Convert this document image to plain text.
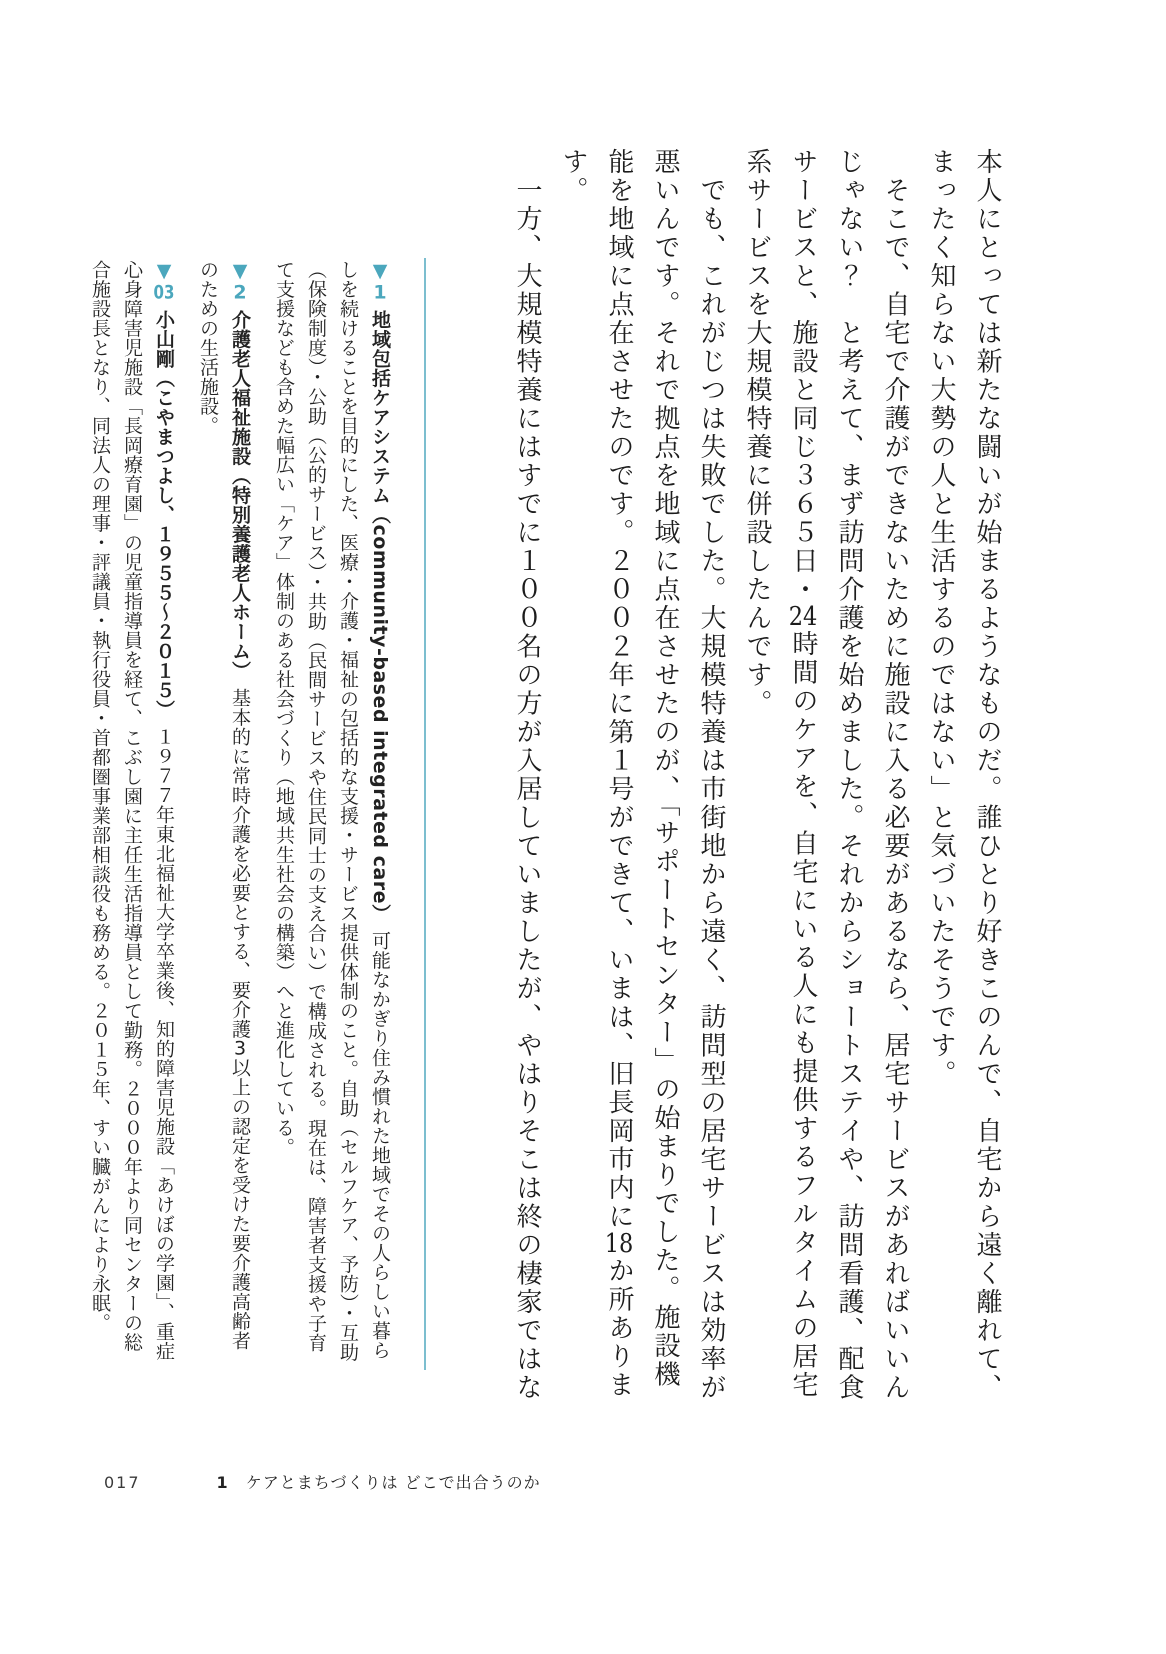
本人にとっては新たな闘いが始まるようなものだ。誰ひとり好きこのんで、自宅から遠く離れて、まったく知らない大勢の人と生活するのではない」と気づいたそうです。

　そこで、自宅で介護ができないために施設に入る必要があるなら、居宅サービスがあればいいんじゃない？　と考えて、まず訪問介護を始めました。それからショートステイや、訪問看護、配食サービスと、施設と同じ３６５日・24時間のケアを、自宅にいる人にも提供するフルタイムの居宅系サービスを大規模特養に併設したんです。

　でも、これがじつは失敗でした。大規模特養は市街地から遠く、訪問型の居宅サービスは効率が悪いんです。それで拠点を地域に点在させたのが、「サポートセンター」の始まりでした。施設機能を地域に点在させたのです。２００２年に第１号ができて、いまは、旧長岡市内に18か所あります。

　一方、大規模特養にはすでに１００名の方が入居していましたが、やはりそこは終の棲家ではな

▼1地域包括ケアシステム（community-based integrated care）可能なかぎり住み慣れた地域でその人らしい暮らしを続けることを目的にした、医療・介護・福祉の包括的な支援・サービス提供体制のこと。自助（セルフケア、予防）・互助（保険制度）・公助（公的サービス）・共助（民間サービスや住民同士の支え合い）で構成される。現在は、障害者支援や子育て支援なども含めた幅広い「ケア」体制のある社会づくり（地域共生社会の構築）へと進化している。
▼2介護老人福祉施設（特別養護老人ホーム）基本的に常時介護を必要とする、要介護3以上の認定を受けた要介護高齢者のための生活施設。
▼03小山剛（こやまつよし、１９５５～２０１５）１９７７年東北福祉大学卒業後、知的障害児施設「あけぼの学園」、重症心身障害児施設「長岡療育園」の児童指導員を経て、こぶし園に主任生活指導員として勤務。２０００年より同センターの総合施設長となり、同法人の理事・評議員・執行役員・首都圏事業部相談役も務める。２０１５年、すい臓がんにより永眠。
017	1 ケアとまちづくりは どこで出合うのか
